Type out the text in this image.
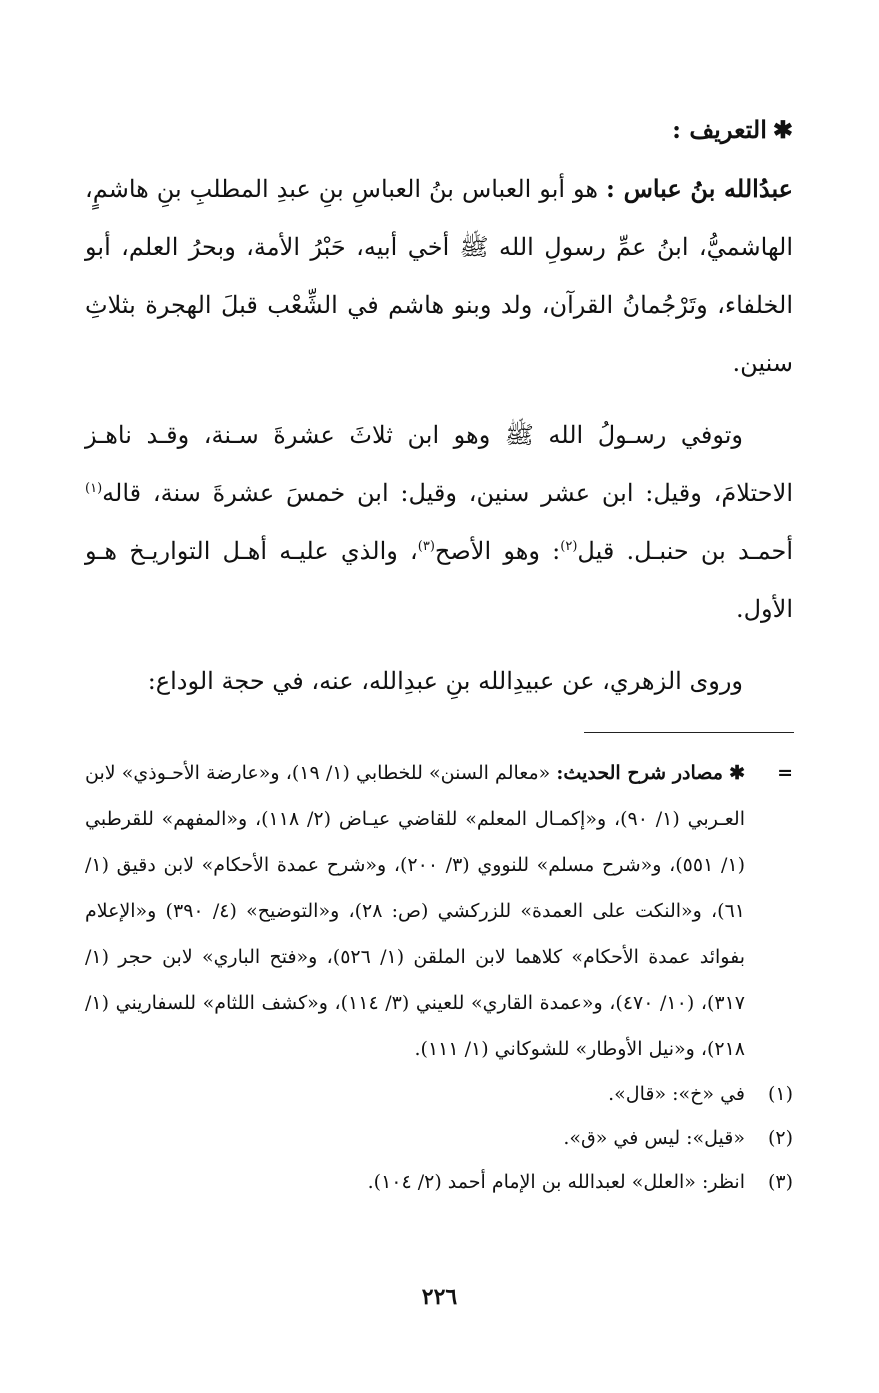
✱التعريف :

عبدُالله بنُ عباس : هو أبو العباس بنُ العباسِ بنِ عبدِ المطلبِ بنِ هاشمٍ، الهاشميُّ، ابنُ عمِّ رسولِ الله ﷺ أخي أبيه، حَبْرُ الأمة، وبحرُ العلم، أبو الخلفاء، وتَرْجُمانُ القرآن، ولد وبنو هاشم في الشِّعْب قبلَ الهجرة بثلاثِ سنين.

وتوفي رسـولُ الله ﷺ وهو ابن ثلاثَ عشرةَ سـنة، وقـد ناهـز الاحتلامَ، وقيل: ابن عشر سنين، وقيل: ابن خمسَ عشرةَ سنة، قاله$^{(١)}$ أحمـد بن حنبـل. قيل$^{(٢)}$: وهو الأصح$^{(٣)}$، والذي عليـه أهـل التواريـخ هـو الأول.

وروى الزهري، عن عبيدِالله بنِ عبدِالله، عنه، في حجة الوداع:

=
✱ مصادر شرح الحديث: «معالم السنن» للخطابي (١/ ١٩)، و«عارضة الأحـوذي» لابن العـربي (١/ ٩٠)، و«إكمـال المعلم» للقاضي عيـاض (٢/ ١١٨)، و«المفهم» للقرطبي (١/ ٥٥١)، و«شرح مسلم» للنووي (٣/ ٢٠٠)، و«شرح عمدة الأحكام» لابن دقيق (١/ ٦١)، و«النكت على العمدة» للزركشي (ص: ٢٨)، و«التوضيح» (٤/ ٣٩٠) و«الإعلام بفوائد عمدة الأحكام» كلاهما لابن الملقن (١/ ٥٢٦)، و«فتح الباري» لابن حجر (١/ ٣١٧)، (١٠/ ٤٧٠)، و«عمدة القاري» للعيني (٣/ ١١٤)، و«كشف اللثام» للسفاريني (١/ ٢١٨)، و«نيل الأوطار» للشوكاني (١/ ١١١).
(١)
في «خ»: «قال».
(٢)
«قيل»: ليس في «ق».
(٣)
انظر: «العلل» لعبدالله بن الإمام أحمد (٢/ ١٠٤).
٢٢٦
